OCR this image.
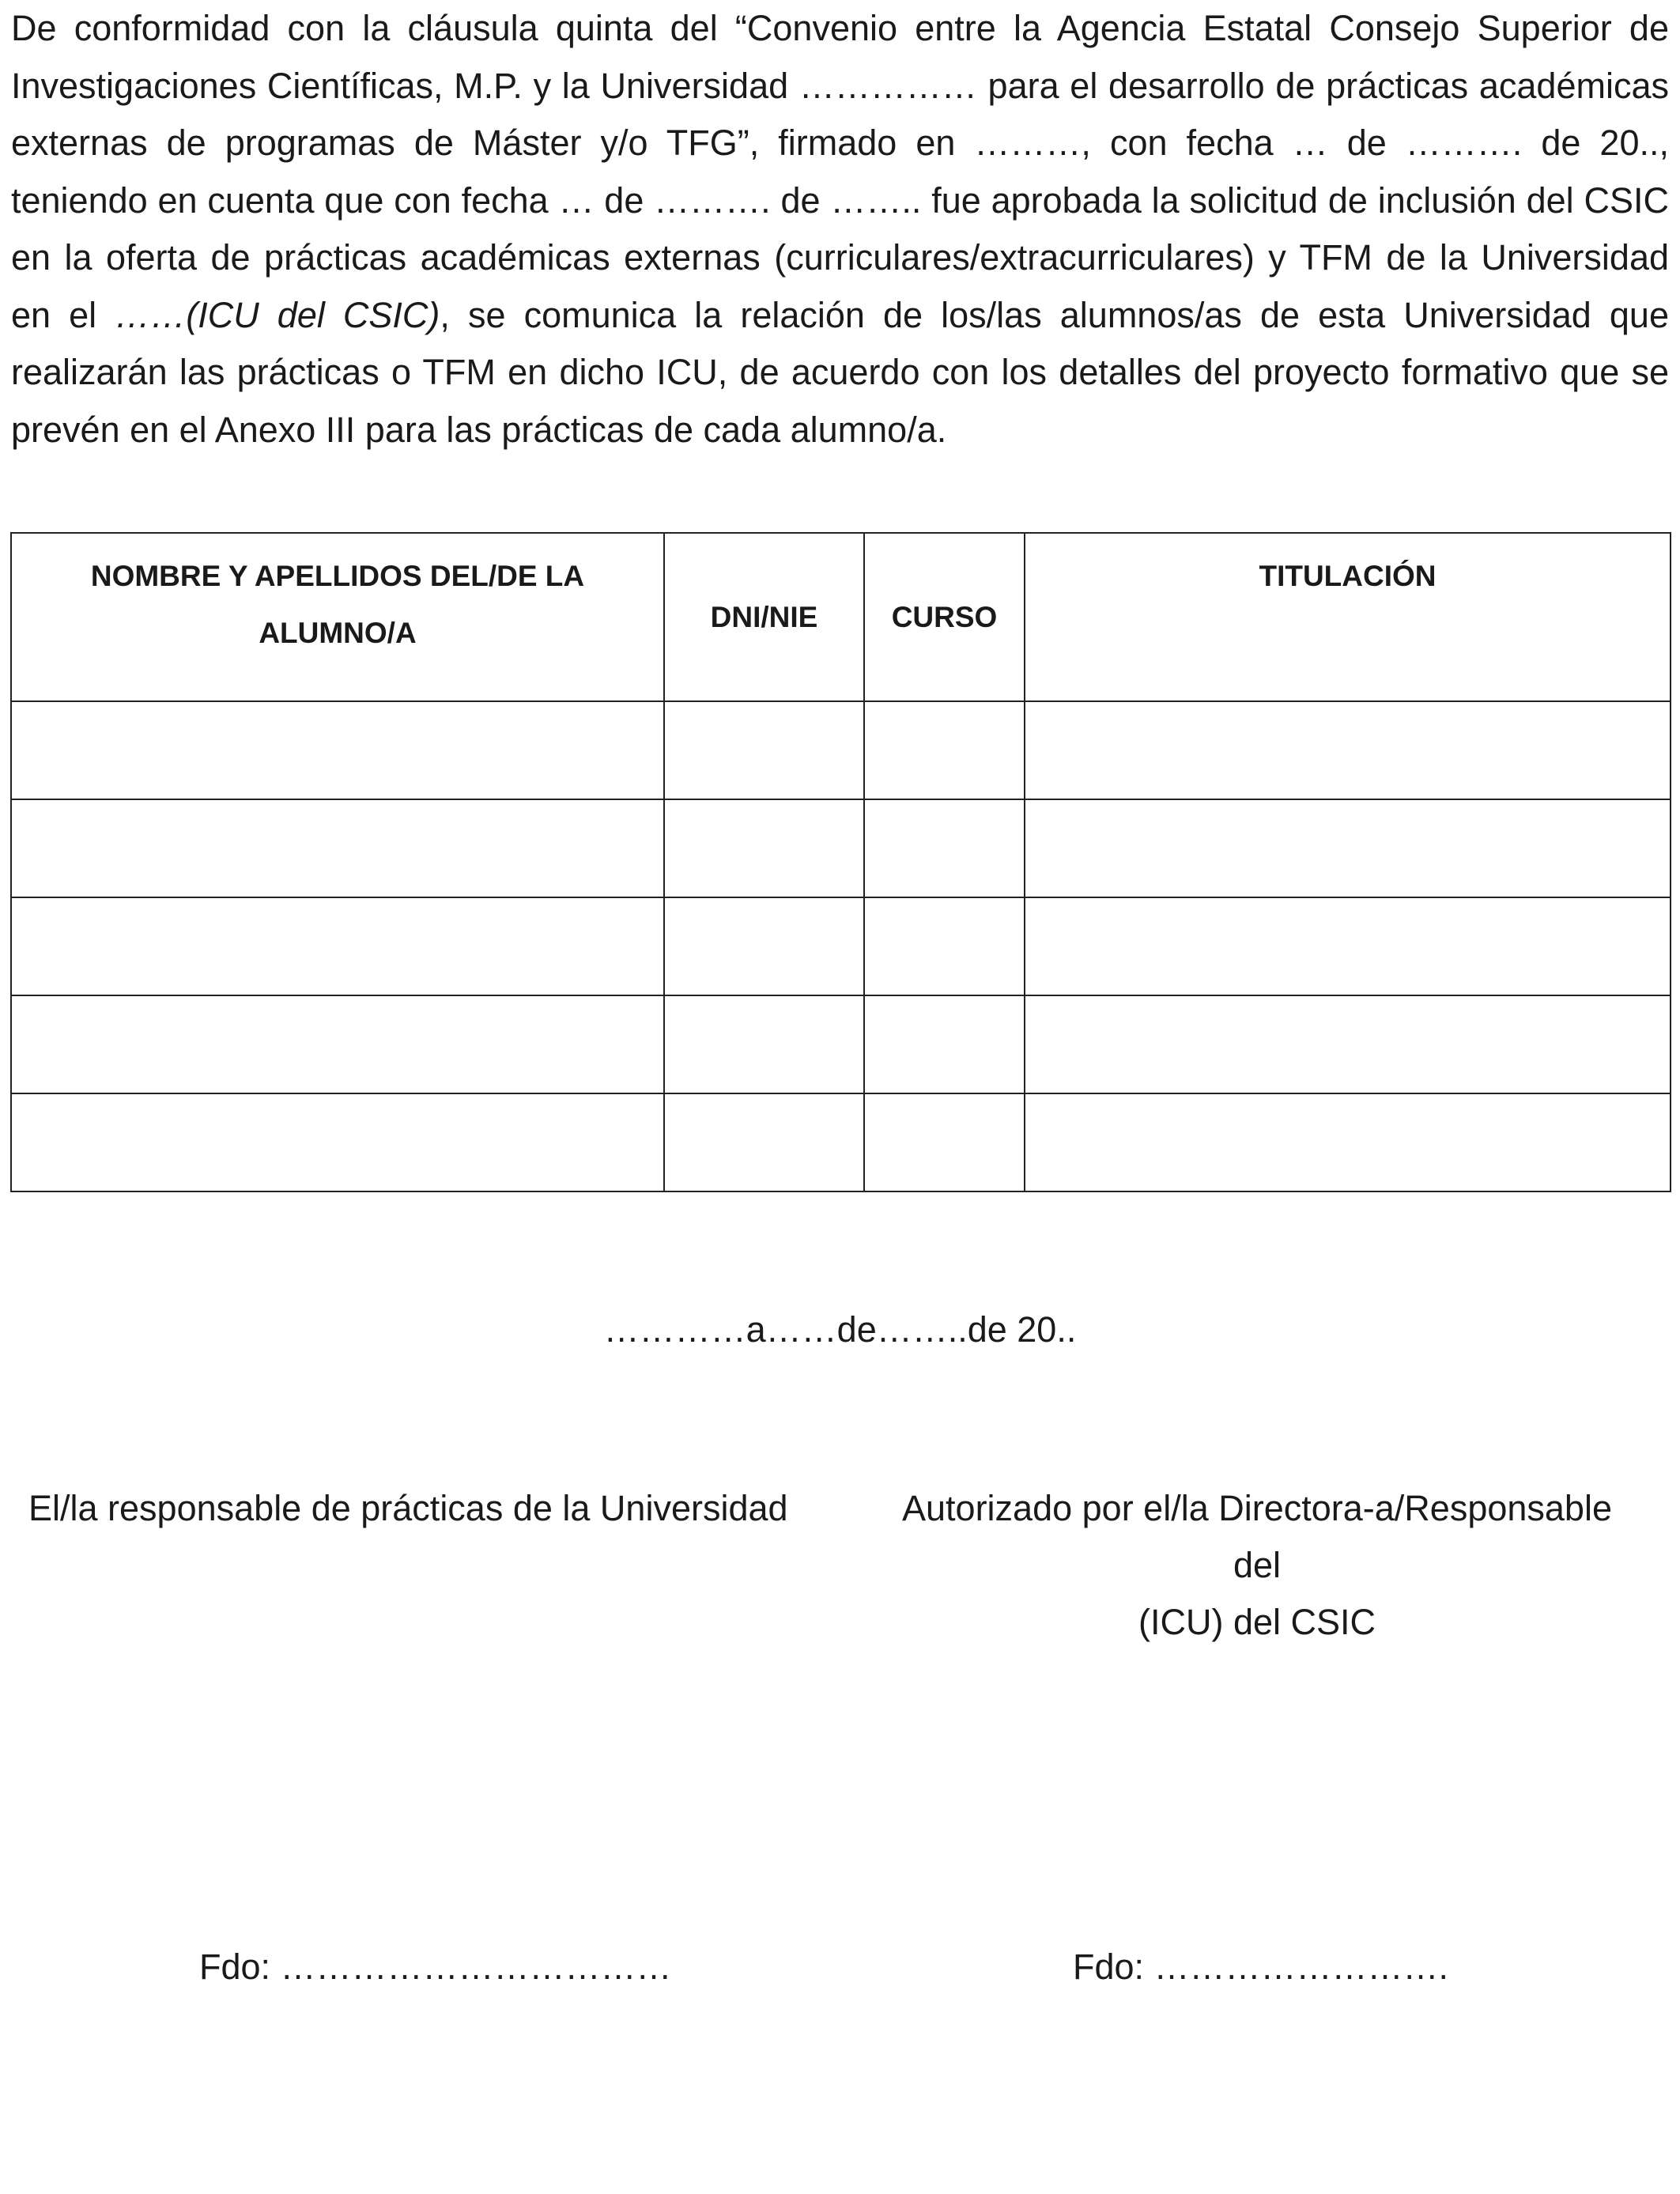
De conformidad con la cláusula quinta del “Convenio entre la Agencia Estatal Consejo Superior de Investigaciones Científicas, M.P. y la Universidad …………… para el desarrollo de prácticas académicas externas de programas de Máster y/o TFG”, firmado en ………, con fecha … de ………. de 20.., teniendo en cuenta que con fecha … de ………. de …….. fue aprobada la solicitud de inclusión del CSIC en la oferta de prácticas académicas externas (curriculares/extracurriculares) y TFM de la Universidad en el ……(ICU del CSIC), se comunica la relación de los/las alumnos/as de esta Universidad que realizarán las prácticas o TFM en dicho ICU, de acuerdo con los detalles del proyecto formativo que se prevén en el Anexo III para las prácticas de cada alumno/a.

NOMBRE Y APELLIDOS DEL/DE LA ALUMNO/A	DNI/NIE	CURSO	TITULACIÓN

…………a……de……..de 20..
El/la responsable de prácticas de la Universidad	Autorizado por el/la Directora-a/Responsable
del
(ICU) del CSIC
Fdo: ……………………………	Fdo: …………………….
